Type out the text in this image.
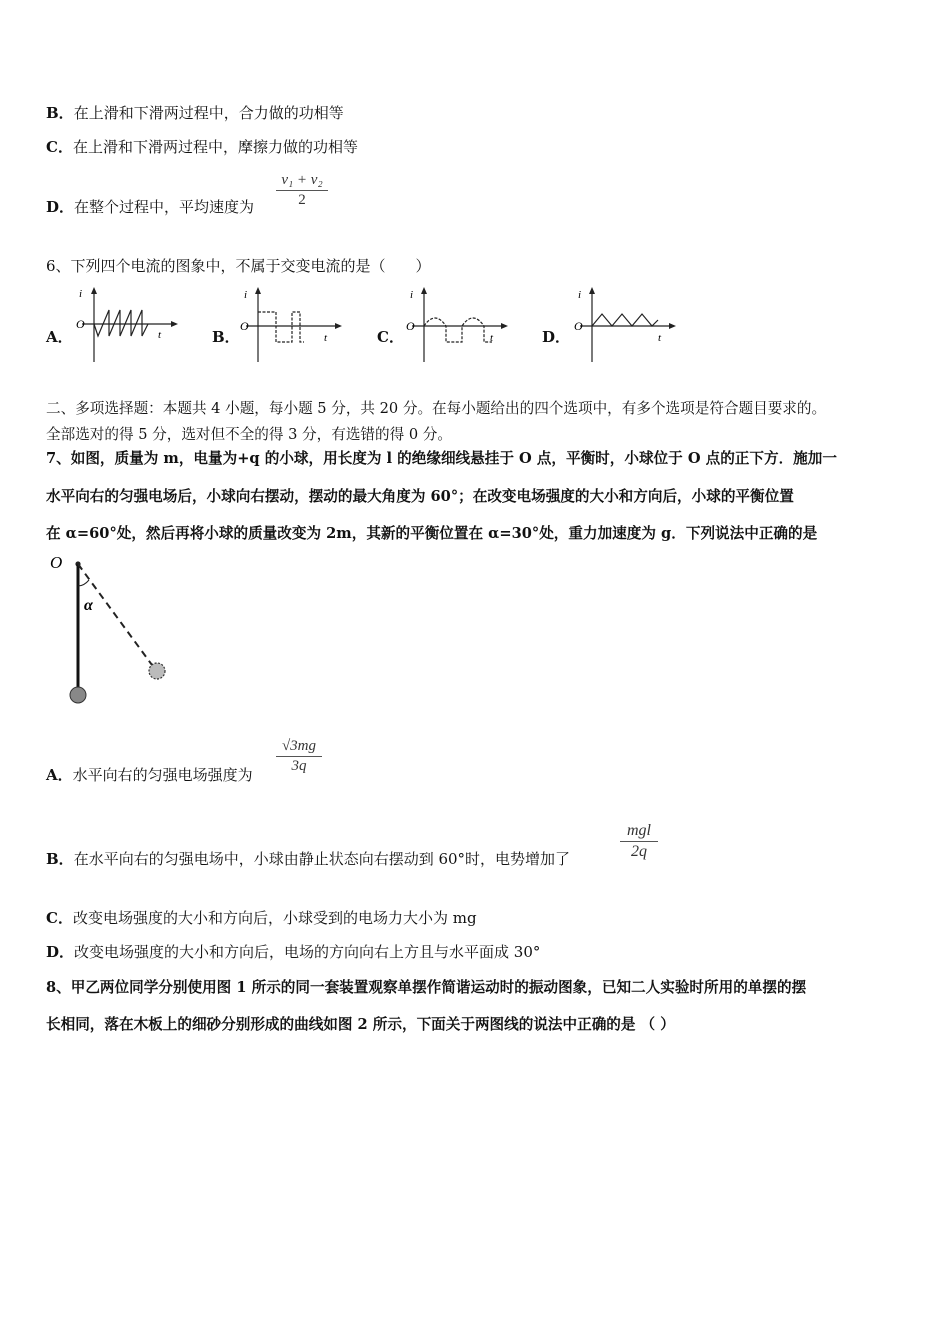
B．在上滑和下滑两过程中，合力做的功相等
C．在上滑和下滑两过程中，摩擦力做的功相等
D．在整个过程中，平均速度为
v₁ + v₂
2
6、下列四个电流的图象中，不属于交变电流的是（　　）
A．	B．	C．	D．
i
O
t
i
O
t
i
O
t
i
O
t
二、多项选择题：本题共 4 小题，每小题 5 分，共 20 分。在每小题给出的四个选项中，有多个选项是符合题目要求的。
全部选对的得 5 分，选对但不全的得 3 分，有选错的得 0 分。
7、如图，质量为 m，电量为+q 的小球，用长度为 l 的绝缘细线悬挂于 O 点，平衡时，小球位于 O 点的正下方．施加一
水平向右的匀强电场后，小球向右摆动，摆动的最大角度为 60°；在改变电场强度的大小和方向后，小球的平衡位置
在 α=60°处，然后再将小球的质量改变为 2m，其新的平衡位置在 α=30°处，重力加速度为 g．下列说法中正确的是
O
α
A．水平向右的匀强电场强度为
√3mg
3q
B．在水平向右的匀强电场中，小球由静止状态向右摆动到 60°时，电势增加了
mgl
2q
C．改变电场强度的大小和方向后，小球受到的电场力大小为 mg
D．改变电场强度的大小和方向后，电场的方向向右上方且与水平面成 30°
8、甲乙两位同学分别使用图 1 所示的同一套装置观察单摆作简谐运动时的振动图象，已知二人实验时所用的单摆的摆
长相同，落在木板上的细砂分别形成的曲线如图 2 所示，下面关于两图线的说法中正确的是 （ ）
